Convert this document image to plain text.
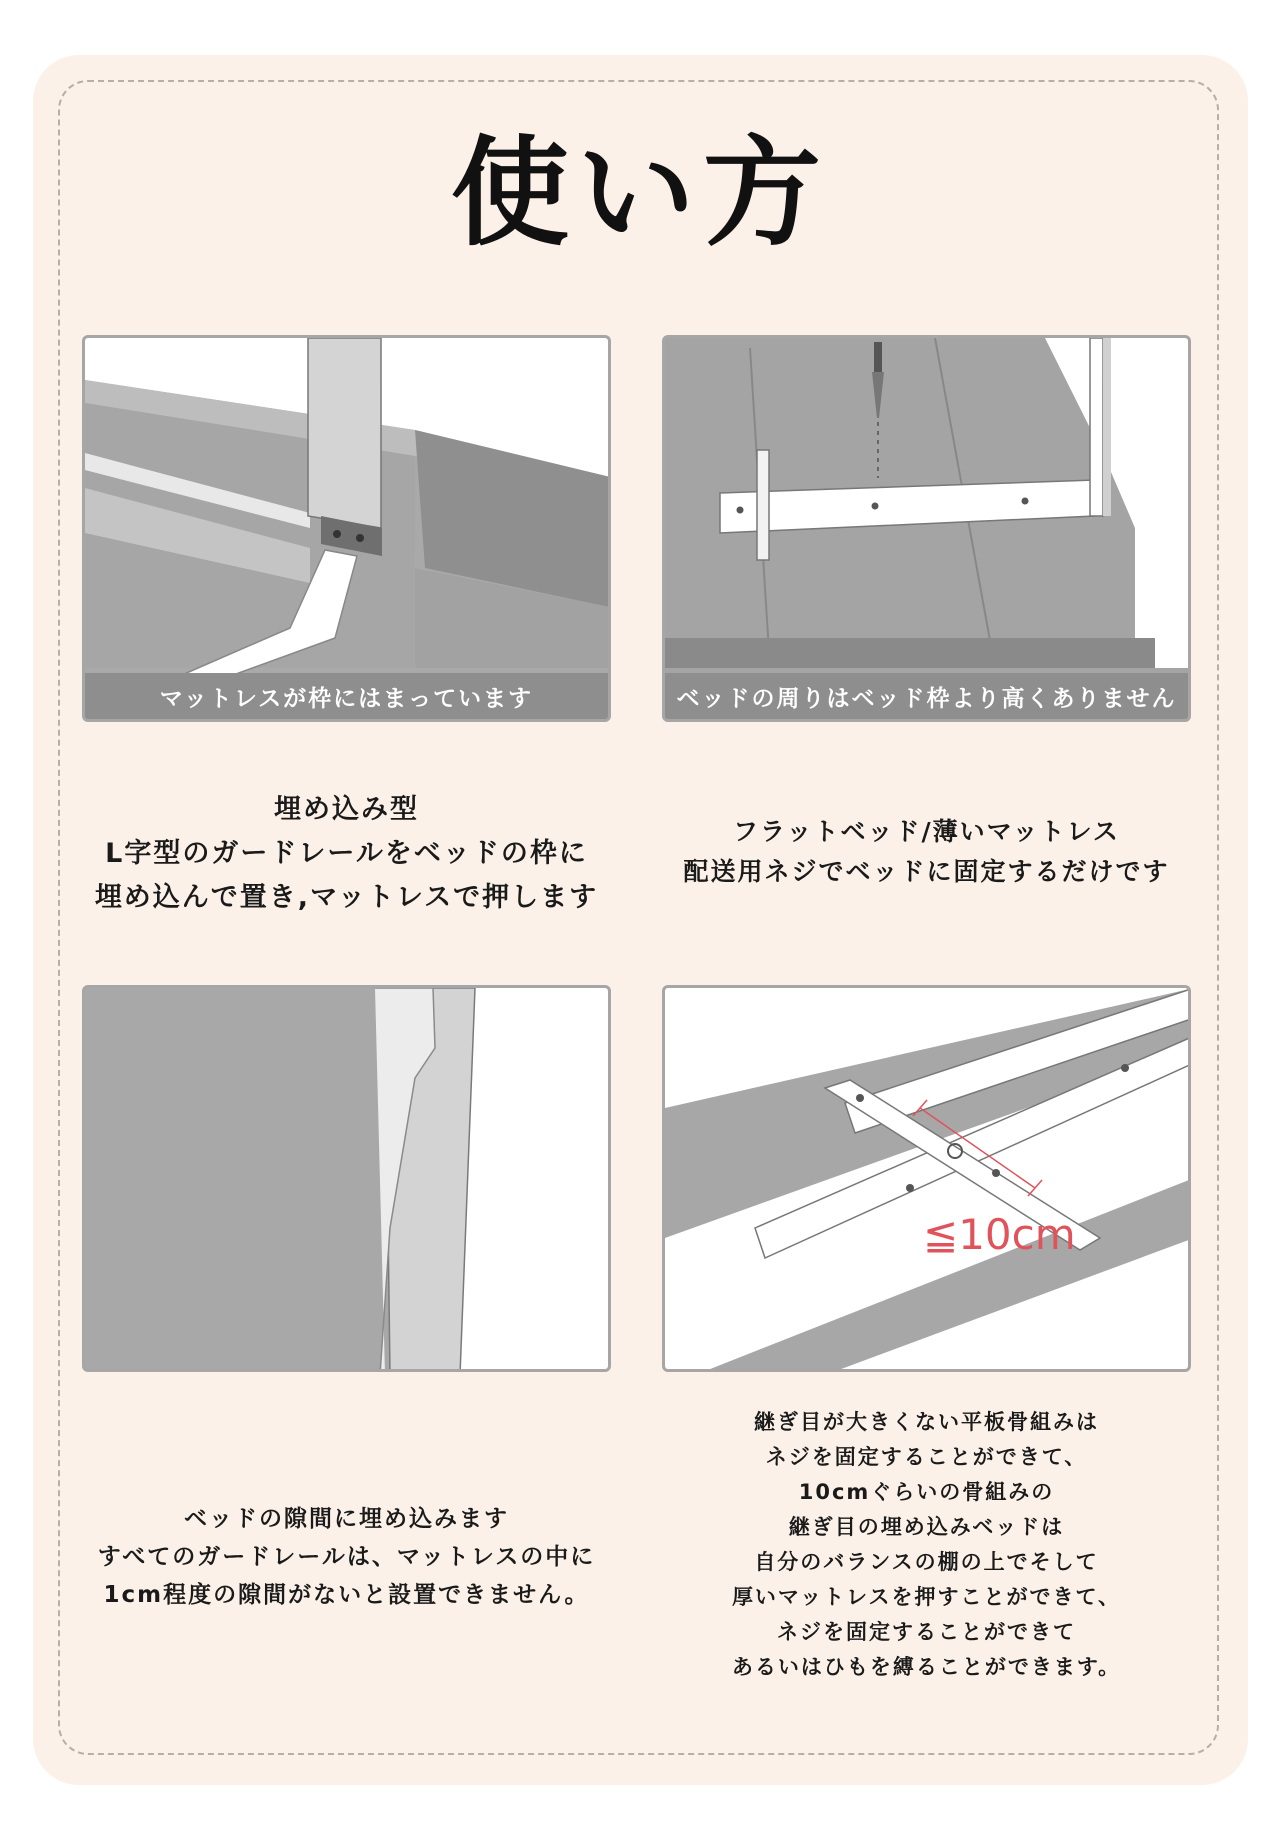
使い方
マットレスが枠にはまっています	ベッドの周りはベッド枠より高くありません
≦10cm
埋め込み型
L字型のガードレールをベッドの枠に
埋め込んで置き,マットレスで押します
フラットベッド/薄いマットレス
配送用ネジでベッドに固定するだけです
ベッドの隙間に埋め込みます
すべてのガードレールは、マットレスの中に
1cm程度の隙間がないと設置できません。
継ぎ目が大きくない平板骨組みは
ネジを固定することができて、
10cmぐらいの骨組みの
継ぎ目の埋め込みベッドは
自分のバランスの棚の上でそして
厚いマットレスを押すことができて、
ネジを固定することができて
あるいはひもを縛ることができます。
